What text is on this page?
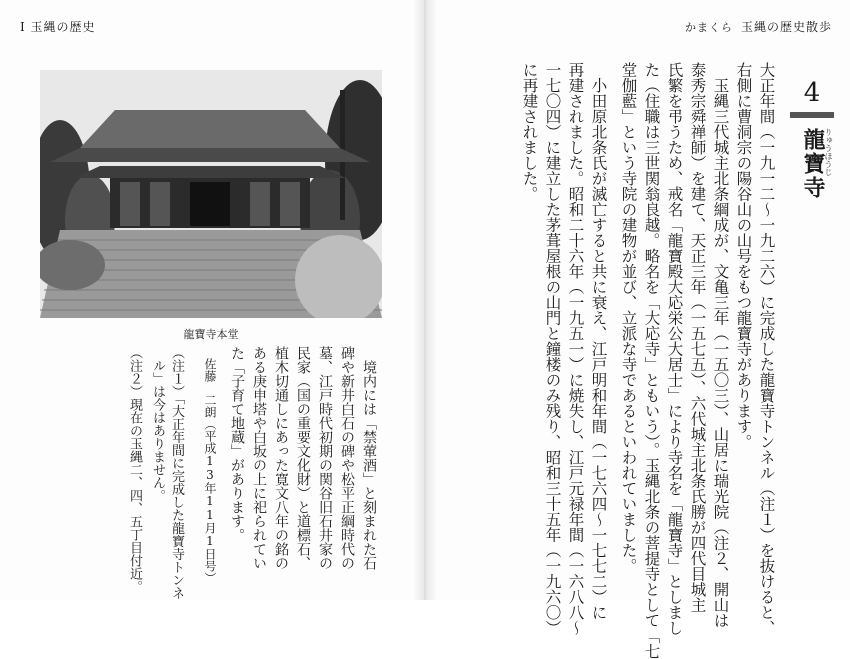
Ⅰ 玉縄の歴史	かまくら 玉縄の歴史散歩
龍寶寺本堂
4
龍寶寺
りゅうほうじ
大正年間（一九一二〜一九二六）に完成した龍寶寺トンネル（注１）を抜けると、
右側に曹洞宗の陽谷山の山号をもつ龍寶寺があります。
　玉縄三代城主北条綱成が、文亀三年（一五〇三）、山居に瑞光院（注２、開山は
泰秀宗舜禅師）を建て、天正三年（一五七五）、六代城主北条氏勝が四代目城主
氏繁を弔うため、戒名「龍寶殿大応栄公大居士」により寺名を「龍寶寺」としまし
た（住職は三世関翁良越。略名を「大応寺」ともいう）。玉縄北条の菩提寺として「七
堂伽藍」という寺院の建物が並び、立派な寺であるといわれていました。
　小田原北条氏が滅亡すると共に衰え、江戸明和年間（一七六四〜一七七二）に
再建されました。昭和二十六年（一九五一）に焼失し、江戸元禄年間（一六八八〜
一七〇四）に建立した茅葺屋根の山門と鐘楼のみ残り、昭和三十五年（一九六〇）
に再建されました。
　境内には「禁葷酒」と刻まれた石
碑や新井白石の碑や松平正綱時代の
墓、江戸時代初期の関谷旧石井家の
民家（国の重要文化財）と道標石、
植木切通しにあった寛文八年の銘の
ある庚申塔や白坂の上に祀られてい
た「子育て地蔵」があります。
　佐藤　二朗（平成13年11月1日号）
（注１）「大正年間に完成した龍寶寺トンネ
　ル」は今はありません。
（注２）現在の玉縄二、四、五丁目付近。
